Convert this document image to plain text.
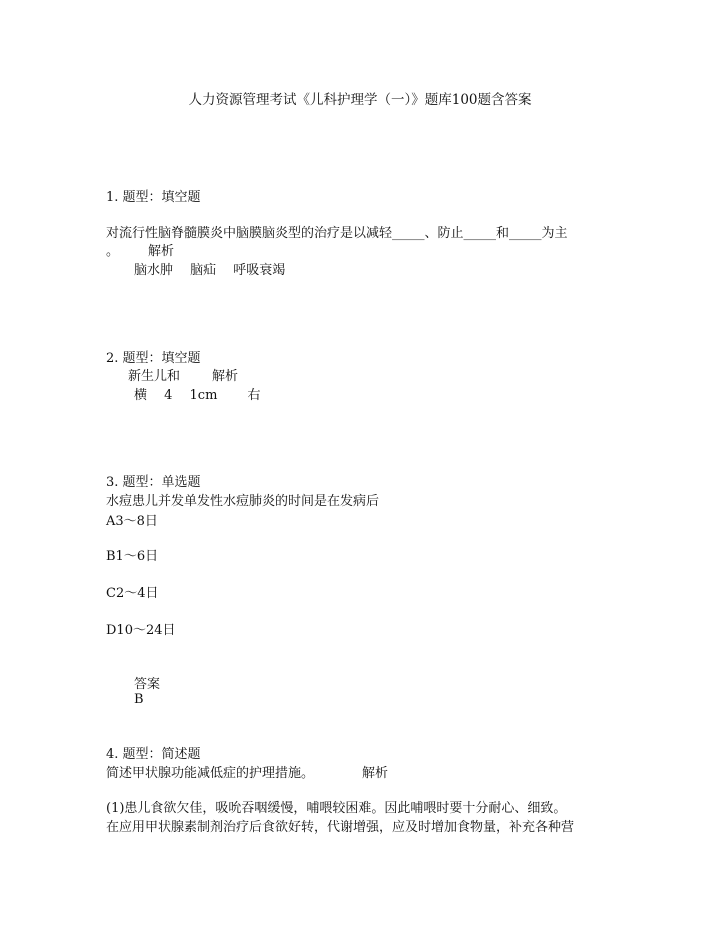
人力资源管理考试《儿科护理学（一）》题库100题含答案
1. 题型：填空题
对流行性脑脊髓膜炎中脑膜脑炎型的治疗是以减轻_____、防止_____和_____为主
。 解析
脑水肿　 脑疝　 呼吸衰竭
2. 题型：填空题
新生儿和 解析
横　 4　 1cm　　 右
3. 题型：单选题
水痘患儿并发单发性水痘肺炎的时间是在发病后
A3～8日
B1～6日
C2～4日
D10～24日
答案
B
4. 题型：简述题
简述甲状腺功能减低症的护理措施。	解析
(1)患儿食欲欠佳，吸吮吞咽缓慢，哺喂较困难。因此哺喂时要十分耐心、细致。
在应用甲状腺素制剂治疗后食欲好转，代谢增强，应及时增加食物量，补充各种营
